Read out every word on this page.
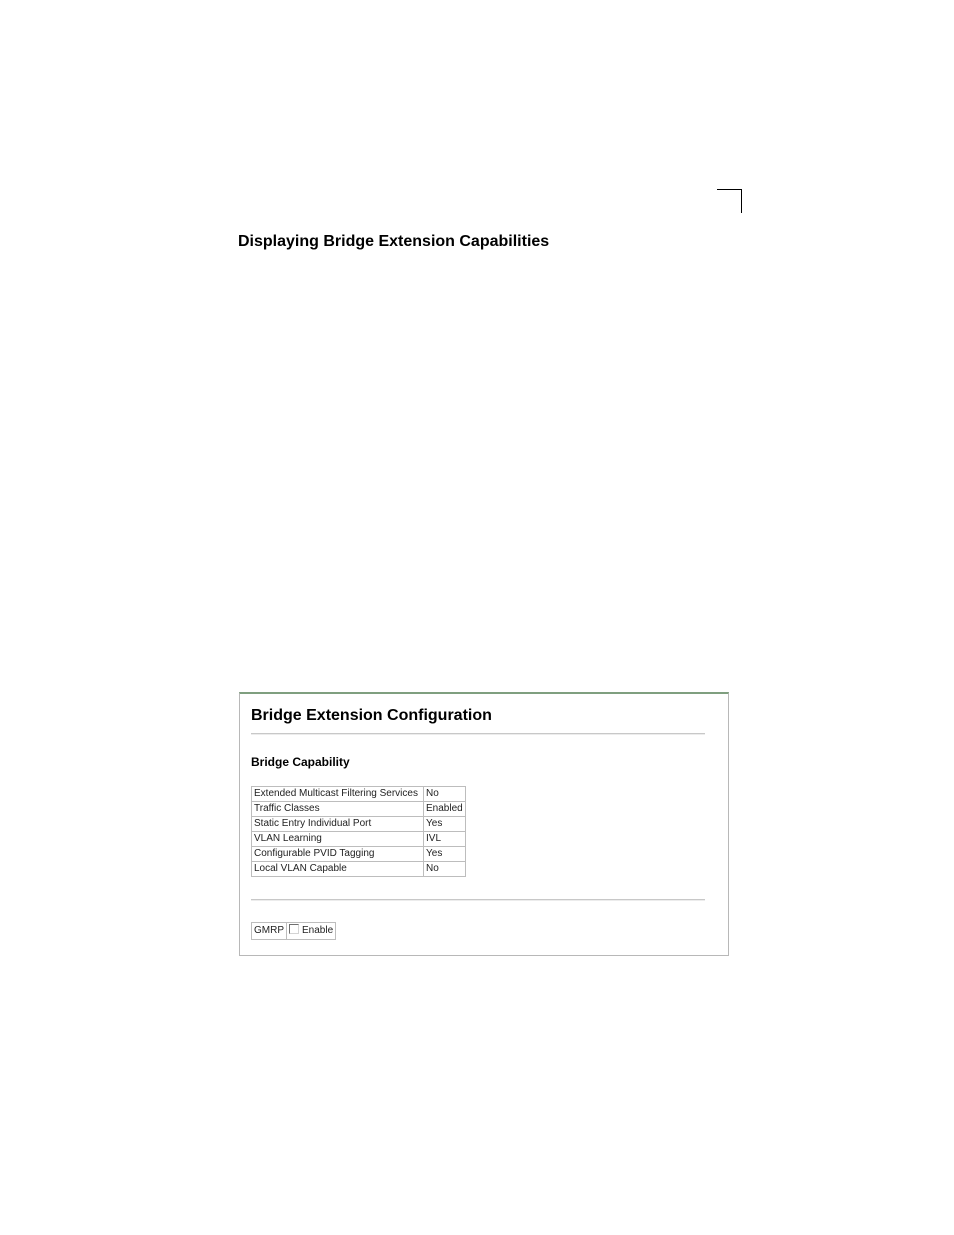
Displaying Bridge Extension Capabilities
Bridge Extension Configuration
Bridge Capability
Extended Multicast Filtering Services	No
Traffic Classes	Enabled
Static Entry Individual Port	Yes
VLAN Learning	IVL
Configurable PVID Tagging	Yes
Local VLAN Capable	No
GMRP	Enable
